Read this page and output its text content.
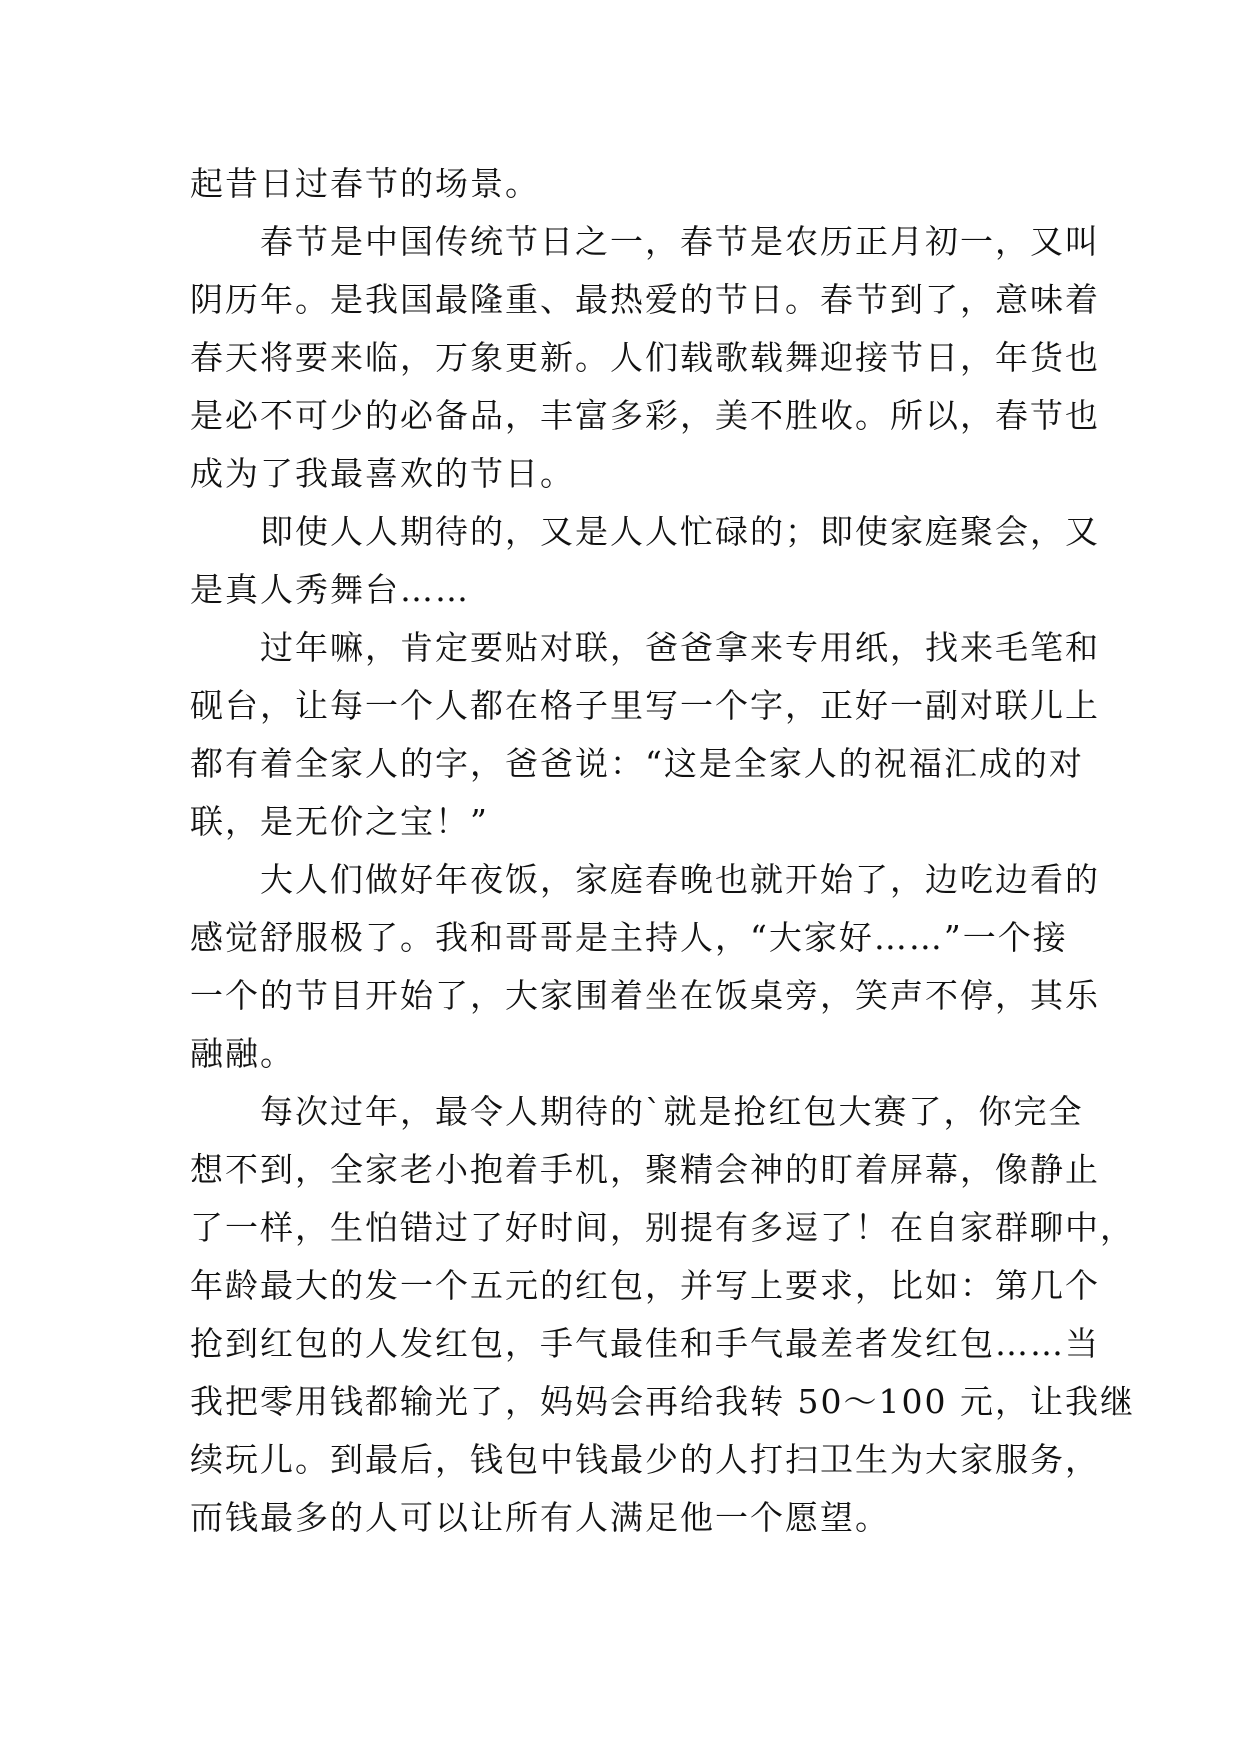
起昔日过春节的场景。
　　春节是中国传统节日之一，春节是农历正月初一，又叫
阴历年。是我国最隆重、最热爱的节日。春节到了，意味着
春天将要来临，万象更新。人们载歌载舞迎接节日，年货也
是必不可少的必备品，丰富多彩，美不胜收。所以，春节也
成为了我最喜欢的节日。
　　即使人人期待的，又是人人忙碌的；即使家庭聚会，又
是真人秀舞台……
　　过年嘛，肯定要贴对联，爸爸拿来专用纸，找来毛笔和
砚台，让每一个人都在格子里写一个字，正好一副对联儿上
都有着全家人的字，爸爸说：“这是全家人的祝福汇成的对
联，是无价之宝！”
　　大人们做好年夜饭，家庭春晚也就开始了，边吃边看的
感觉舒服极了。我和哥哥是主持人，“大家好……”一个接
一个的节目开始了，大家围着坐在饭桌旁，笑声不停，其乐
融融。
　　每次过年，最令人期待的`就是抢红包大赛了，你完全
想不到，全家老小抱着手机，聚精会神的盯着屏幕，像静止
了一样，生怕错过了好时间，别提有多逗了！在自家群聊中，
年龄最大的发一个五元的红包，并写上要求，比如：第几个
抢到红包的人发红包，手气最佳和手气最差者发红包……当
我把零用钱都输光了，妈妈会再给我转 50～100 元，让我继
续玩儿。到最后，钱包中钱最少的人打扫卫生为大家服务，
而钱最多的人可以让所有人满足他一个愿望。
